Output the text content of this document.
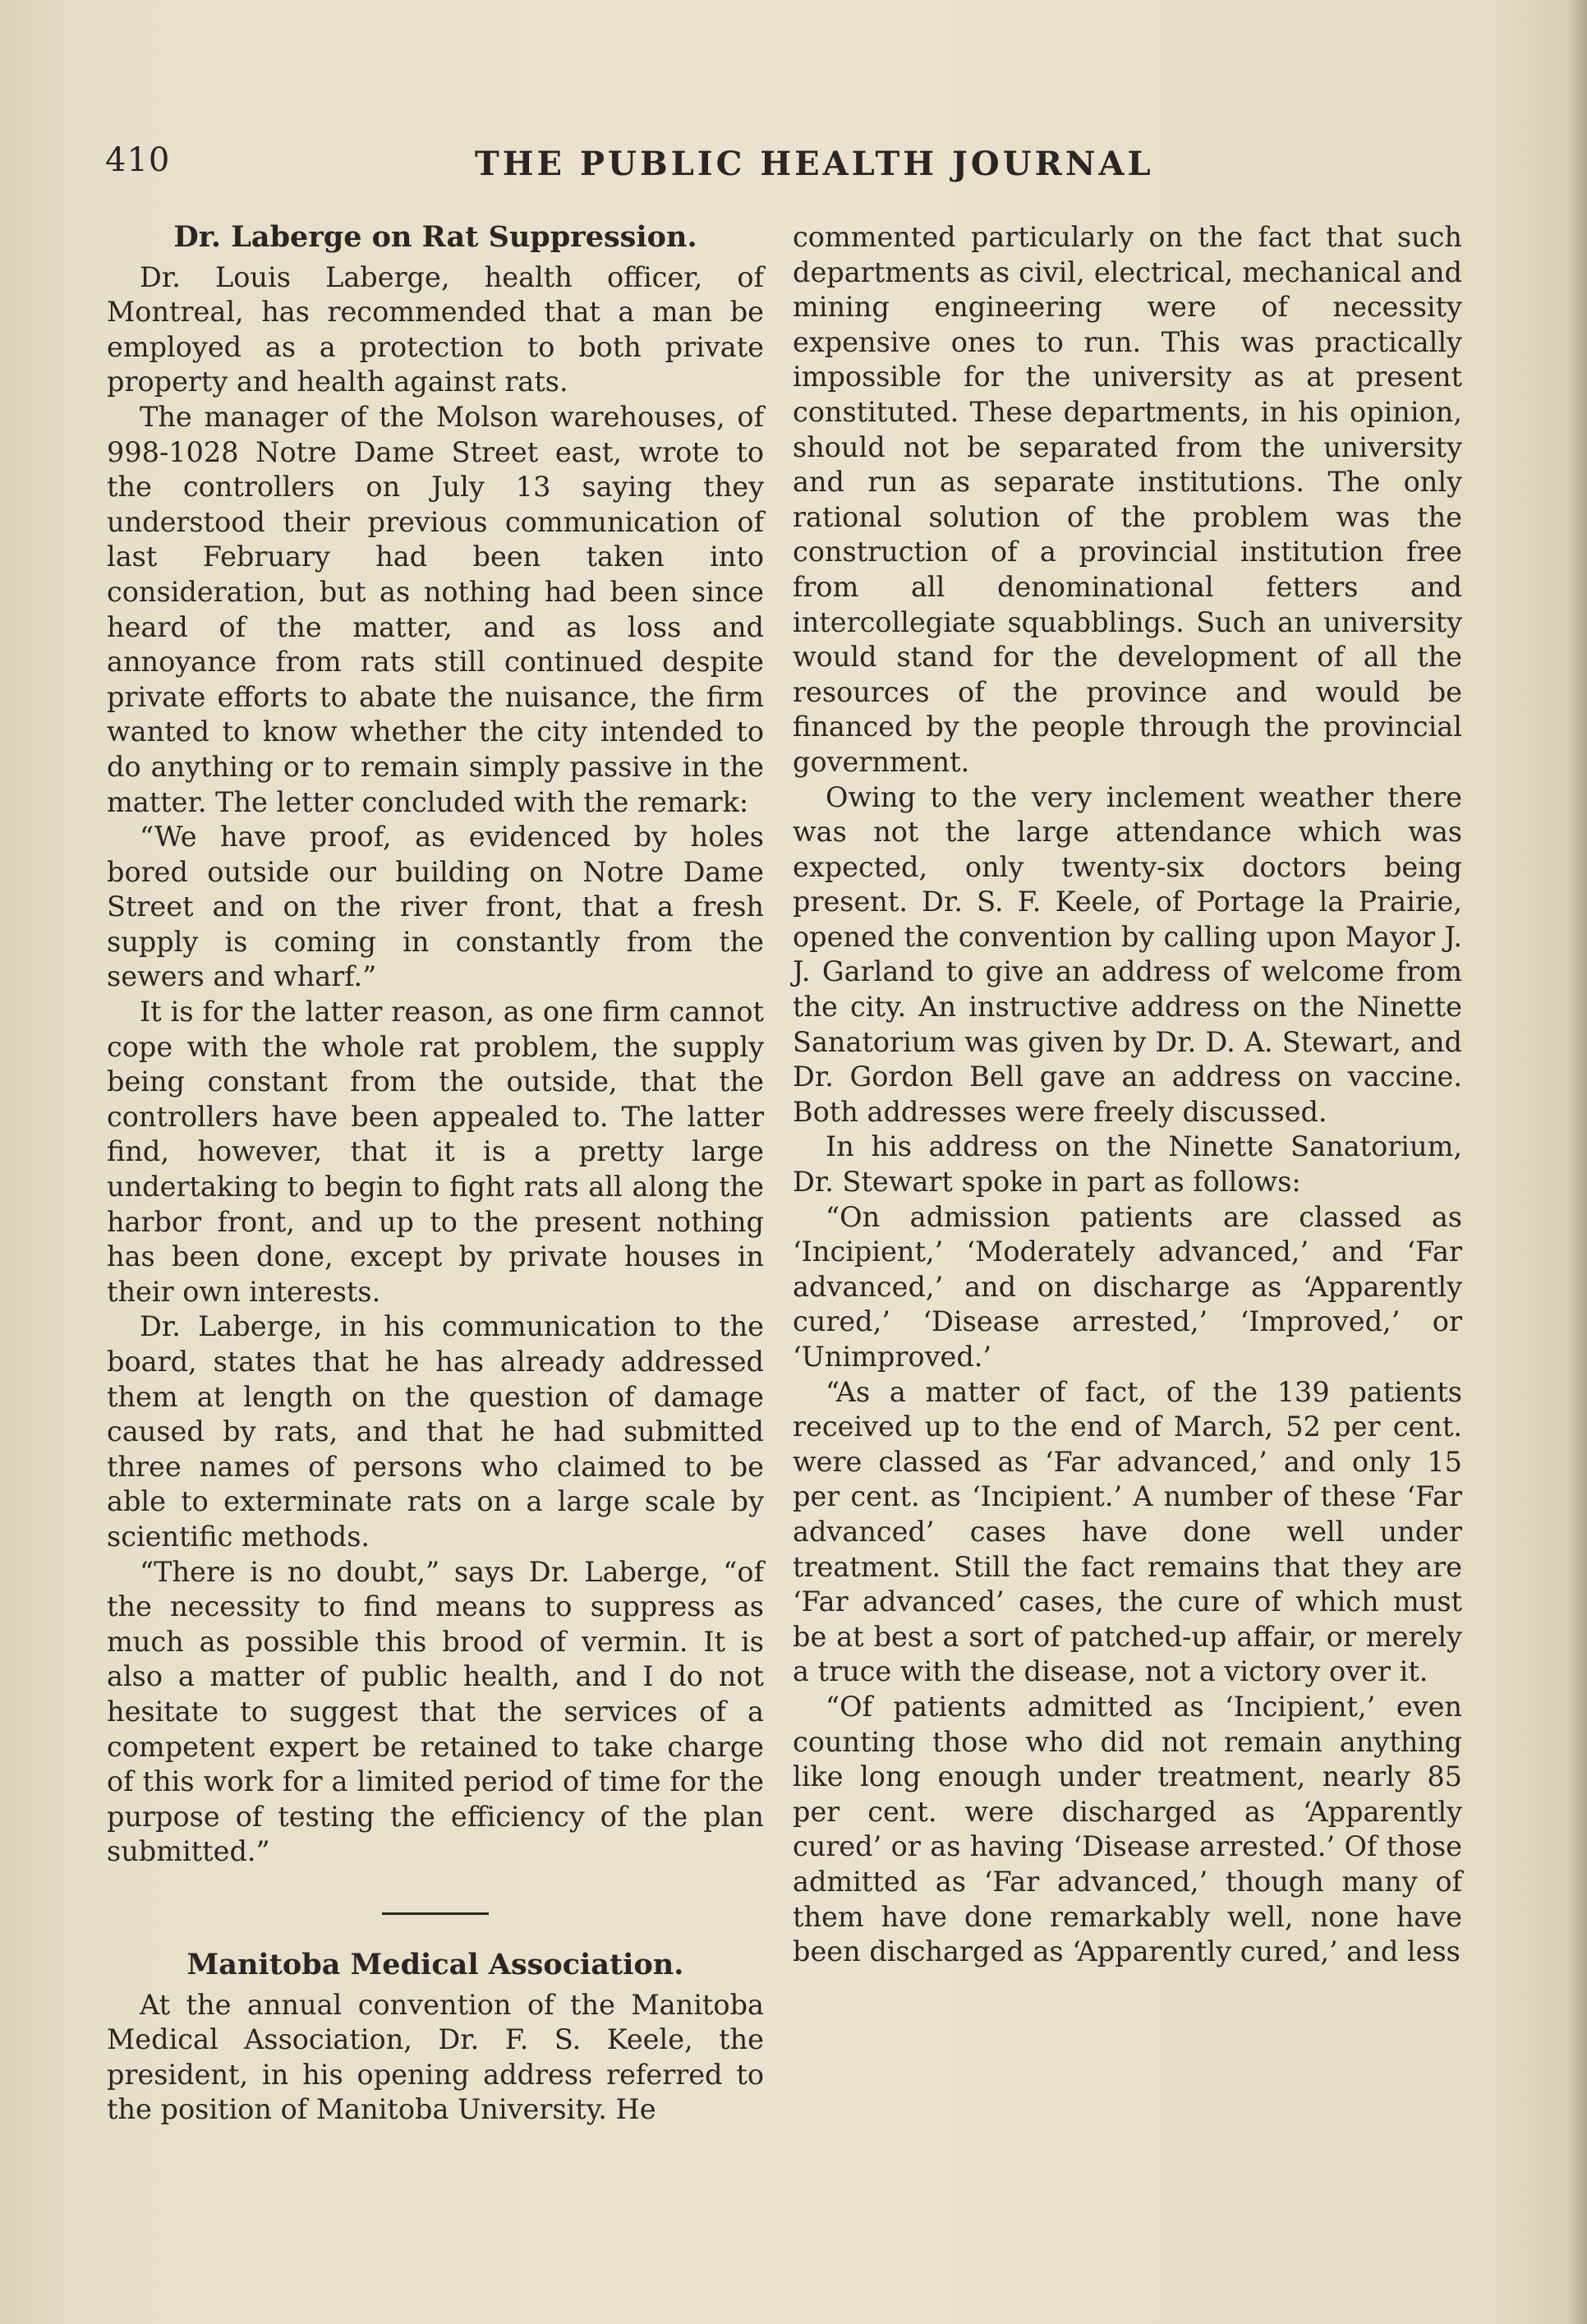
410	THE PUBLIC HEALTH JOURNAL
Dr. Laberge on Rat Suppression.

Dr. Louis Laberge, health officer, of Montreal, has recommended that a man be employed as a protection to both private property and health against rats.

The manager of the Molson warehouses, of 998-1028 Notre Dame Street east, wrote to the controllers on July 13 saying they understood their previous communication of last February had been taken into consideration, but as nothing had been since heard of the matter, and as loss and annoyance from rats still continued despite private efforts to abate the nuisance, the firm wanted to know whether the city intended to do anything or to remain simply passive in the matter. The letter concluded with the remark:

“We have proof, as evidenced by holes bored outside our building on Notre Dame Street and on the river front, that a fresh supply is coming in constantly from the sewers and wharf.”

It is for the latter reason, as one firm cannot cope with the whole rat problem, the supply being constant from the outside, that the controllers have been appealed to. The latter find, however, that it is a pretty large undertaking to begin to fight rats all along the harbor front, and up to the present nothing has been done, except by private houses in their own interests.

Dr. Laberge, in his communication to the board, states that he has already addressed them at length on the question of damage caused by rats, and that he had submitted three names of persons who claimed to be able to exterminate rats on a large scale by scientific methods.

“There is no doubt,” says Dr. Laberge, “of the necessity to find means to suppress as much as possible this brood of vermin. It is also a matter of public health, and I do not hesitate to suggest that the services of a competent expert be retained to take charge of this work for a limited period of time for the purpose of testing the efficiency of the plan submitted.”

Manitoba Medical Association.

At the annual convention of the Manitoba Medical Association, Dr. F. S. Keele, the president, in his opening address referred to the position of Manitoba University. He

commented particularly on the fact that such departments as civil, electrical, mechanical and mining engineering were of necessity expensive ones to run. This was practically impossible for the university as at present constituted. These departments, in his opinion, should not be separated from the university and run as separate institutions. The only rational solution of the problem was the construction of a provincial institution free from all denominational fetters and intercollegiate squabblings. Such an university would stand for the development of all the resources of the province and would be financed by the people through the provincial government.

Owing to the very inclement weather there was not the large attendance which was expected, only twenty-six doctors being present. Dr. S. F. Keele, of Portage la Prairie, opened the convention by calling upon Mayor J. J. Garland to give an address of welcome from the city. An instructive address on the Ninette Sanatorium was given by Dr. D. A. Stewart, and Dr. Gordon Bell gave an address on vaccine. Both addresses were freely discussed.

In his address on the Ninette Sanatorium, Dr. Stewart spoke in part as follows:

“On admission patients are classed as ‘Incipient,’ ‘Moderately advanced,’ and ‘Far advanced,’ and on discharge as ‘Apparently cured,’ ‘Disease arrested,’ ‘Improved,’ or ‘Unimproved.’

“As a matter of fact, of the 139 patients received up to the end of March, 52 per cent. were classed as ‘Far advanced,’ and only 15 per cent. as ‘Incipient.’ A number of these ‘Far advanced’ cases have done well under treatment. Still the fact remains that they are ‘Far advanced’ cases, the cure of which must be at best a sort of patched-up affair, or merely a truce with the disease, not a victory over it.

“Of patients admitted as ‘Incipient,’ even counting those who did not remain anything like long enough under treatment, nearly 85 per cent. were discharged as ‘Apparently cured’ or as having ‘Disease arrested.’ Of those admitted as ‘Far advanced,’ though many of them have done remarkably well, none have been discharged as ‘Apparently cured,’ and less
